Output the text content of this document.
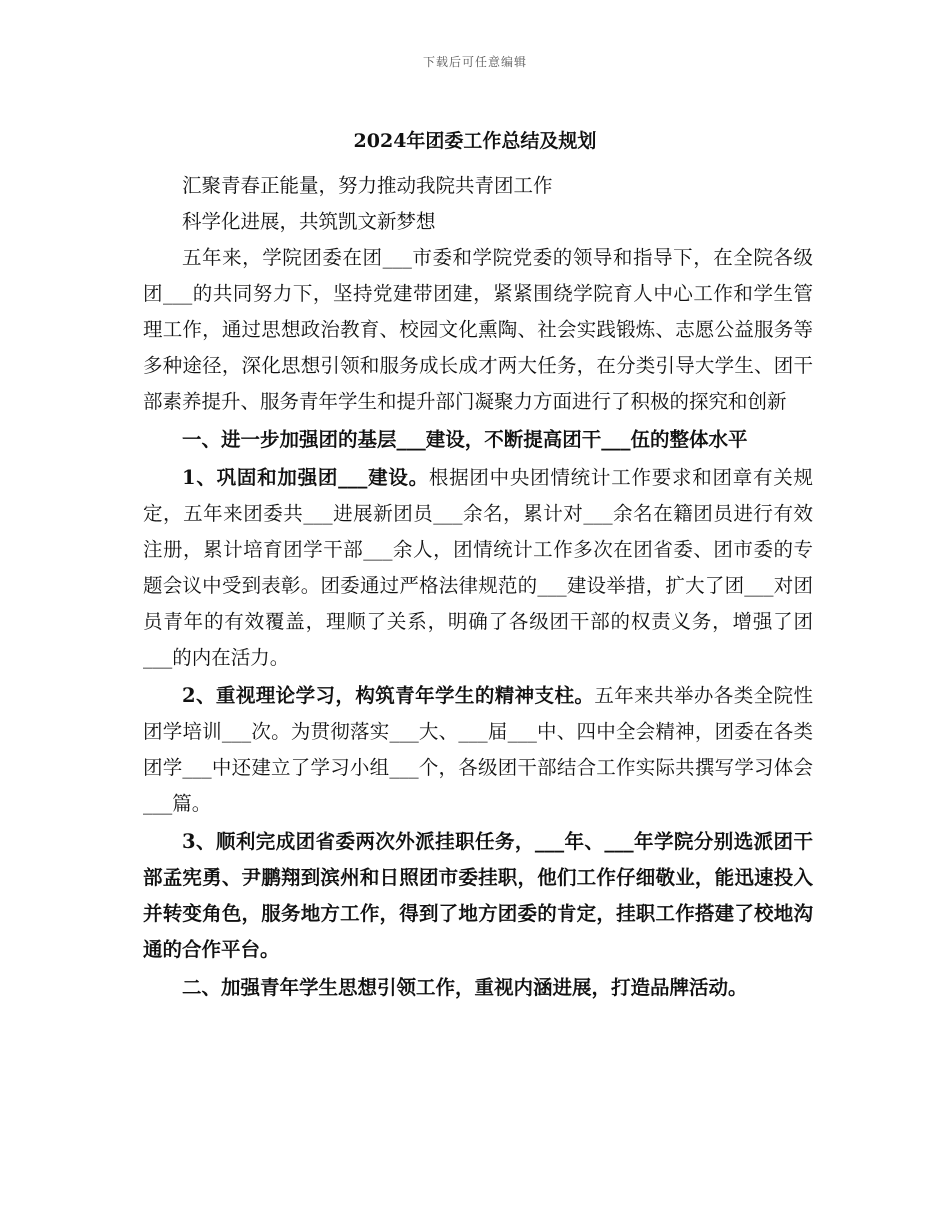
下载后可任意编辑
2024年团委工作总结及规划

汇聚青春正能量，努力推动我院共青团工作

科学化进展，共筑凯文新梦想

五年来，学院团委在团___市委和学院党委的领导和指导下，在全院各级团___的共同努力下，坚持党建带团建，紧紧围绕学院育人中心工作和学生管理工作，通过思想政治教育、校园文化熏陶、社会实践锻炼、志愿公益服务等多种途径，深化思想引领和服务成长成才两大任务，在分类引导大学生、团干部素养提升、服务青年学生和提升部门凝聚力方面进行了积极的探究和创新

一、进一步加强团的基层___建设，不断提高团干___伍的整体水平

1、巩固和加强团___建设。根据团中央团情统计工作要求和团章有关规定，五年来团委共___进展新团员___余名，累计对___余名在籍团员进行有效注册，累计培育团学干部___余人，团情统计工作多次在团省委、团市委的专题会议中受到表彰。团委通过严格法律规范的___建设举措，扩大了团___对团员青年的有效覆盖，理顺了关系，明确了各级团干部的权责义务，增强了团___的内在活力。

2、重视理论学习，构筑青年学生的精神支柱。五年来共举办各类全院性团学培训___次。为贯彻落实___大、___届___中、四中全会精神，团委在各类团学___中还建立了学习小组___个，各级团干部结合工作实际共撰写学习体会___篇。

3、顺利完成团省委两次外派挂职任务，___年、___年学院分别选派团干部孟宪勇、尹鹏翔到滨州和日照团市委挂职，他们工作仔细敬业，能迅速投入并转变角色，服务地方工作，得到了地方团委的肯定，挂职工作搭建了校地沟通的合作平台。

二、加强青年学生思想引领工作，重视内涵进展，打造品牌活动。
